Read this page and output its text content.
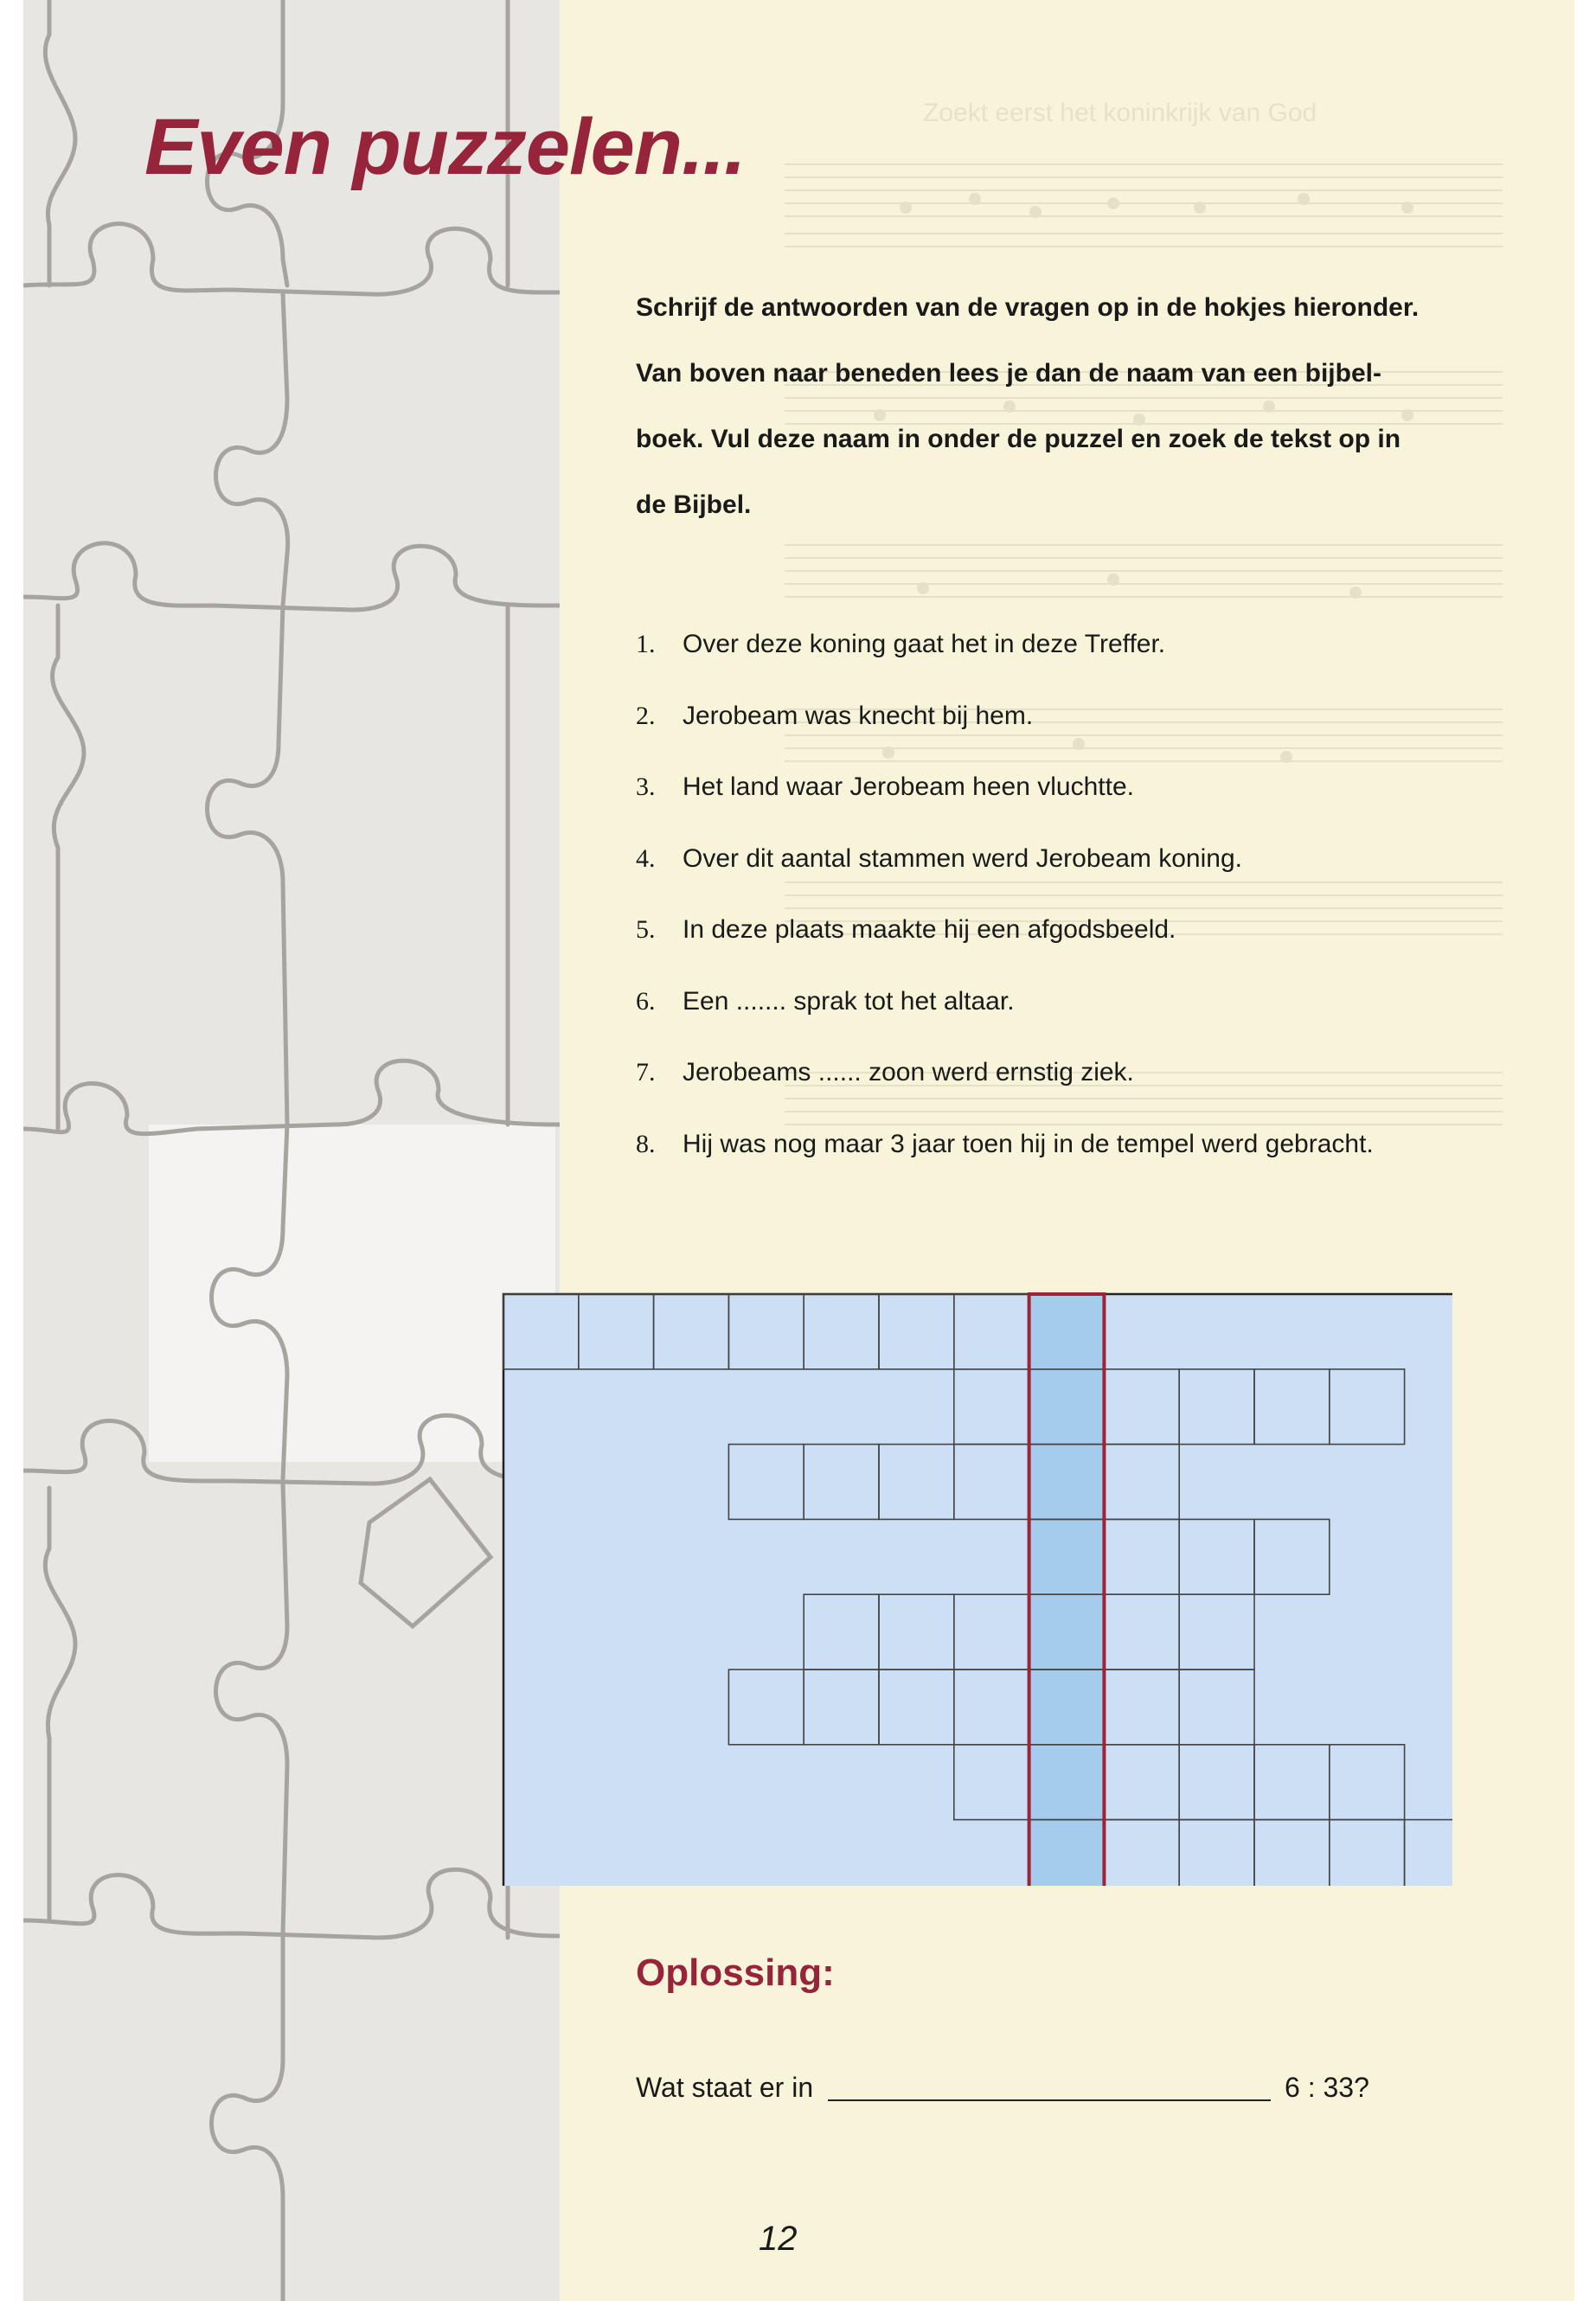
Zoekt eerst het koninkrijk van God
Even puzzelen...
Schrijf de antwoorden van de vragen op in de hokjes hieronder.
Van boven naar beneden lees je dan de naam van een bijbel-
boek. Vul deze naam in onder de puzzel en zoek de tekst op in
de Bijbel.
1. Over deze koning gaat het in deze Treffer.
2. Jerobeam was knecht bij hem.
3. Het land waar Jerobeam heen vluchtte.
4. Over dit aantal stammen werd Jerobeam koning.
5. In deze plaats maakte hij een afgodsbeeld.
6. Een ....... sprak tot het altaar.
7. Jerobeams ...... zoon werd ernstig ziek.
8. Hij was nog maar 3 jaar toen hij in de tempel werd gebracht.
Oplossing:
Wat staat er in	6 : 33?

12
